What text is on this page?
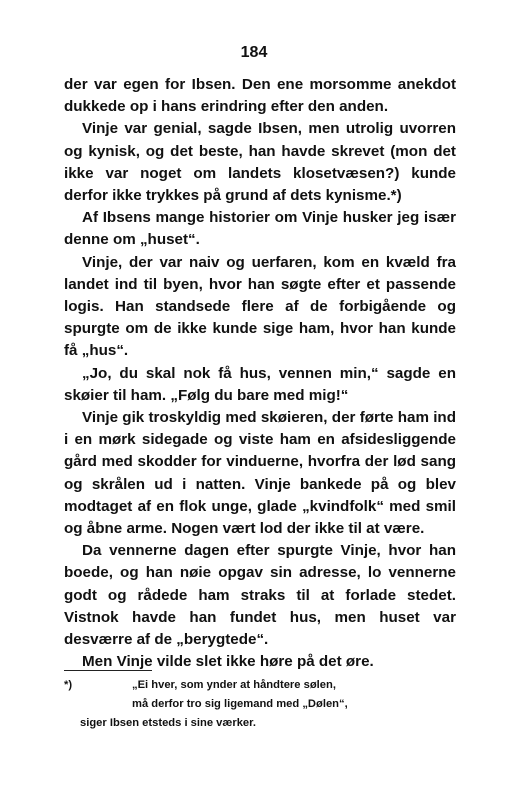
184

der var egen for Ibsen. Den ene morsomme anekdot dukkede op i hans erindring efter den anden.

Vinje var genial, sagde Ibsen, men utrolig uvorren og kynisk, og det beste, han havde skrevet (mon det ikke var noget om landets klosetvæsen?) kunde derfor ikke trykkes på grund af dets kynisme.*)

Af Ibsens mange historier om Vinje husker jeg især denne om „huset“.

Vinje, der var naiv og uerfaren, kom en kvæld fra landet ind til byen, hvor han søgte efter et passende logis. Han standsede flere af de forbigående og spurgte om de ikke kunde sige ham, hvor han kunde få „hus“.

„Jo, du skal nok få hus, vennen min,“ sagde en skøier til ham. „Følg du bare med mig!“

Vinje gik troskyldig med skøieren, der førte ham ind i en mørk sidegade og viste ham en afsidesliggende gård med skodder for vinduerne, hvorfra der lød sang og skrålen ud i natten. Vinje bankede på og blev modtaget af en flok unge, glade „kvindfolk“ med smil og åbne arme. Nogen vært lod der ikke til at være.

Da vennerne dagen efter spurgte Vinje, hvor han boede, og han nøie opgav sin adresse, lo vennerne godt og rådede ham straks til at forlade stedet. Vistnok havde han fundet hus, men huset var desværre af de „berygtede“.

Men Vinje vilde slet ikke høre på det øre.

*)	„Ei hver, som ynder at håndtere sølen,
må derfor tro sig ligemand med „Dølen“,
siger Ibsen etsteds i sine værker.
